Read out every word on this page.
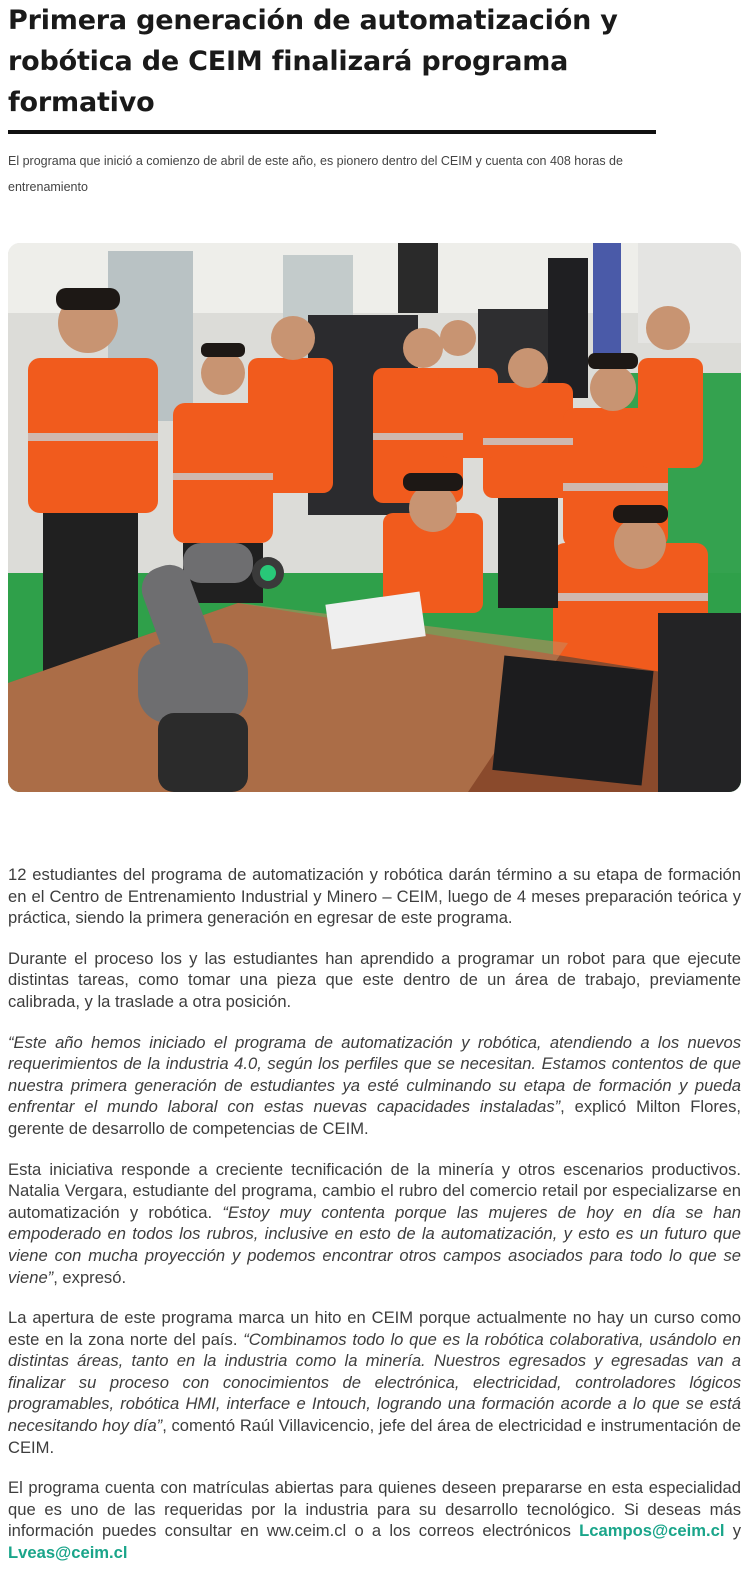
Primera generación de automatización y robótica de CEIM finalizará programa formativo

El programa que inició a comienzo de abril de este año, es pionero dentro del CEIM y cuenta con 408 horas de entrenamiento

12 estudiantes del programa de automatización y robótica darán término a su etapa de formación en el Centro de Entrenamiento Industrial y Minero – CEIM, luego de 4 meses preparación teórica y práctica, siendo la primera generación en egresar de este programa.

Durante el proceso los y las estudiantes han aprendido a programar un robot para que ejecute distintas tareas, como tomar una pieza que este dentro de un área de trabajo, previamente calibrada, y la traslade a otra posición.

“Este año hemos iniciado el programa de automatización y robótica, atendiendo a los nuevos requerimientos de la industria 4.0, según los perfiles que se necesitan. Estamos contentos de que nuestra primera generación de estudiantes ya esté culminando su etapa de formación y pueda enfrentar el mundo laboral con estas nuevas capacidades instaladas”, explicó Milton Flores, gerente de desarrollo de competencias de CEIM.

Esta iniciativa responde a creciente tecnificación de la minería y otros escenarios productivos. Natalia Vergara, estudiante del programa, cambio el rubro del comercio retail por especializarse en automatización y robótica. “Estoy muy contenta porque las mujeres de hoy en día se han empoderado en todos los rubros, inclusive en esto de la automatización, y esto es un futuro que viene con mucha proyección y podemos encontrar otros campos asociados para todo lo que se viene”, expresó.

La apertura de este programa marca un hito en CEIM porque actualmente no hay un curso como este en la zona norte del país. “Combinamos todo lo que es la robótica colaborativa, usándolo en distintas áreas, tanto en la industria como la minería. Nuestros egresados y egresadas van a finalizar su proceso con conocimientos de electrónica, electricidad, controladores lógicos programables, robótica HMI, interface e Intouch, logrando una formación acorde a lo que se está necesitando hoy día”, comentó Raúl Villavicencio, jefe del área de electricidad e instrumentación de CEIM.

El programa cuenta con matrículas abiertas para quienes deseen prepararse en esta especialidad que es uno de las requeridas por la industria para su desarrollo tecnológico. Si deseas más información puedes consultar en ww.ceim.cl o a los correos electrónicos Lcampos@ceim.cl y Lveas@ceim.cl
